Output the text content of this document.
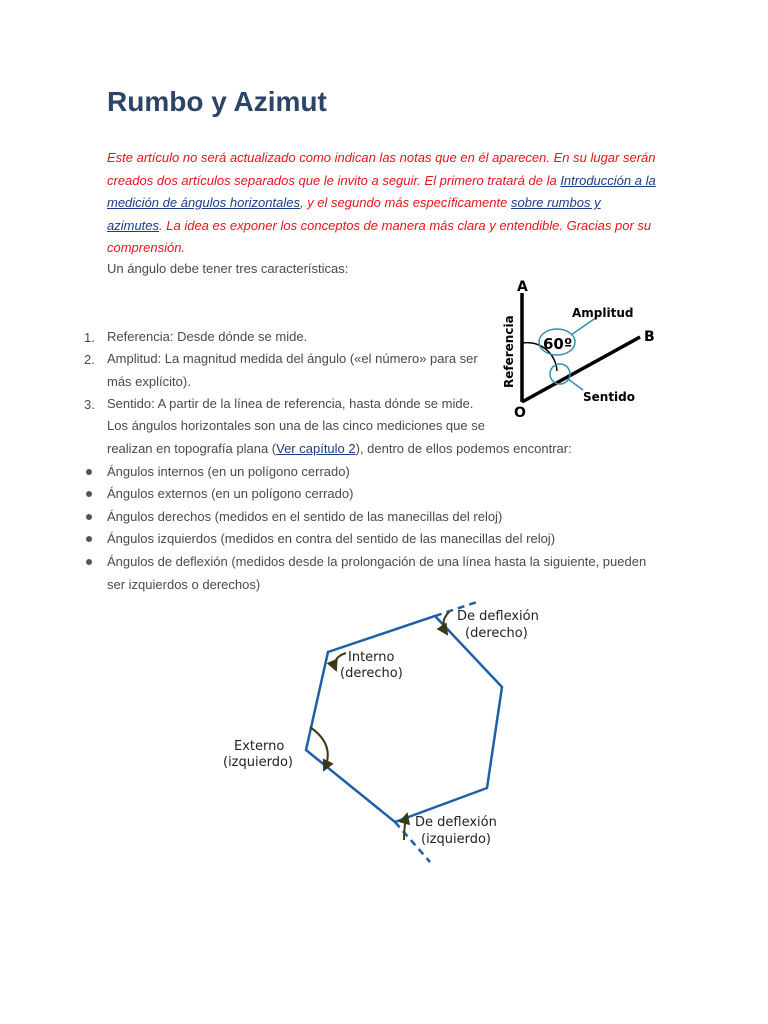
Rumbo y Azimut

Este artículo no será actualizado como indican las notas que en él aparecen. En su lugar serán creados dos artículos separados que le invito a seguir. El primero tratará de la Introducción a la medición de ángulos horizontales, y el segundo más específicamente sobre rumbos y azimutes. La idea es exponer los conceptos de manera más clara y entendible. Gracias por su comprensión.

Un ángulo debe tener tres características:

1. Referencia: Desde dónde se mide.

2. Amplitud: La magnitud medida del ángulo («el número» para ser
más explícito).

3. Sentido: A partir de la línea de referencia, hasta dónde se mide.

Los ángulos horizontales son una de las cinco mediciones que se
realizan en topografía plana (Ver capítulo 2), dentro de ellos podemos encontrar:

Ángulos internos (en un polígono cerrado)

Ángulos externos (en un polígono cerrado)

Ángulos derechos (medidos en el sentido de las manecillas del reloj)

Ángulos izquierdos (medidos en contra del sentido de las manecillas del reloj)

Ángulos de deflexión (medidos desde la prolongación de una línea hasta la siguiente, pueden
ser izquierdos o derechos)

A
B
O
Referencia
Amplitud
60º
Sentido
De deflexión
(derecho)
Interno
(derecho)
Externo
(izquierdo)
De deflexión
(izquierdo)
